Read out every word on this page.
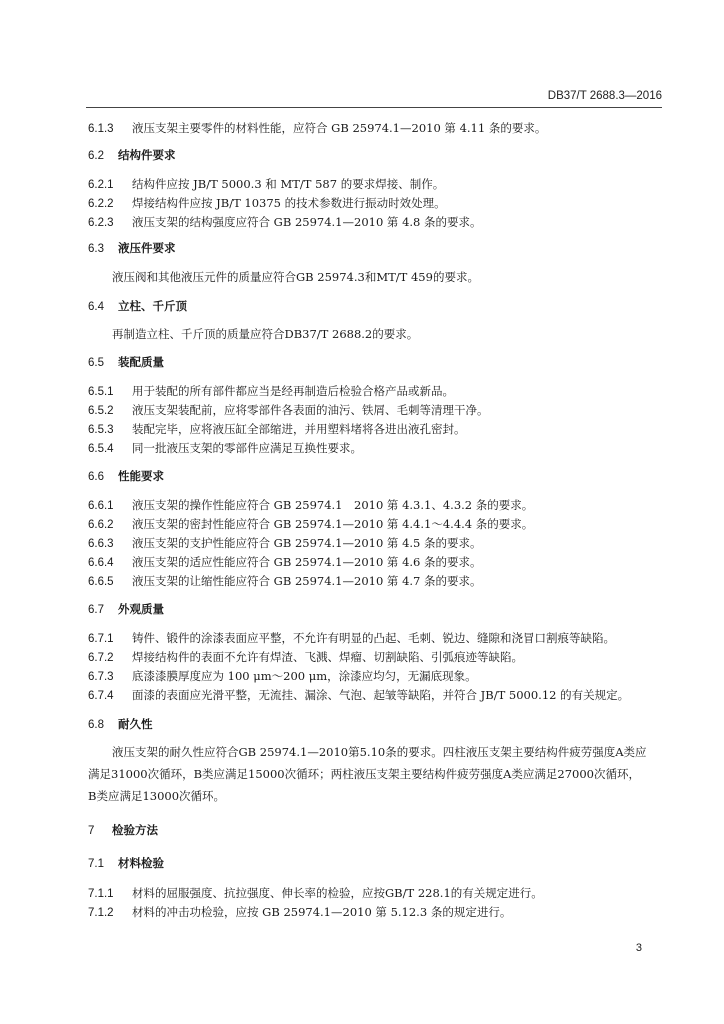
DB37/T 2688.3—2016
6.1.3 液压支架主要零件的材料性能，应符合 GB 25974.1—2010 第 4.11 条的要求。
6.2 结构件要求
6.2.1 结构件应按 JB/T 5000.3 和 MT/T 587 的要求焊接、制作。
6.2.2 焊接结构件应按 JB/T 10375 的技术参数进行振动时效处理。
6.2.3 液压支架的结构强度应符合 GB 25974.1—2010 第 4.8 条的要求。
6.3 液压件要求
液压阀和其他液压元件的质量应符合GB 25974.3和MT/T 459的要求。
6.4 立柱、千斤顶
再制造立柱、千斤顶的质量应符合DB37/T 2688.2的要求。
6.5 装配质量
6.5.1 用于装配的所有部件都应当是经再制造后检验合格产品或新品。
6.5.2 液压支架装配前，应将零部件各表面的油污、铁屑、毛刺等清理干净。
6.5.3 装配完毕，应将液压缸全部缩进，并用塑料堵将各进出液孔密封。
6.5.4 同一批液压支架的零部件应满足互换性要求。
6.6 性能要求
6.6.1 液压支架的操作性能应符合 GB 25974.1　2010 第 4.3.1、4.3.2 条的要求。
6.6.2 液压支架的密封性能应符合 GB 25974.1—2010 第 4.4.1～4.4.4 条的要求。
6.6.3 液压支架的支护性能应符合 GB 25974.1—2010 第 4.5 条的要求。
6.6.4 液压支架的适应性能应符合 GB 25974.1—2010 第 4.6 条的要求。
6.6.5 液压支架的让缩性能应符合 GB 25974.1—2010 第 4.7 条的要求。
6.7 外观质量
6.7.1 铸件、锻件的涂漆表面应平整，不允许有明显的凸起、毛刺、锐边、缝隙和浇冒口割痕等缺陷。
6.7.2 焊接结构件的表面不允许有焊渣、飞溅、焊瘤、切割缺陷、引弧痕迹等缺陷。
6.7.3 底漆漆膜厚度应为 100 μm～200 μm，涂漆应均匀，无漏底现象。
6.7.4 面漆的表面应光滑平整，无流挂、漏涂、气泡、起皱等缺陷，并符合 JB/T 5000.12 的有关规定。
6.8 耐久性
液压支架的耐久性应符合GB 25974.1—2010第5.10条的要求。四柱液压支架主要结构件疲劳强度A类应满足31000次循环，B类应满足15000次循环；两柱液压支架主要结构件疲劳强度A类应满足27000次循环，B类应满足13000次循环。
7 检验方法
7.1 材料检验
7.1.1 材料的屈服强度、抗拉强度、伸长率的检验，应按GB/T 228.1的有关规定进行。
7.1.2 材料的冲击功检验，应按 GB 25974.1—2010 第 5.12.3 条的规定进行。
3
